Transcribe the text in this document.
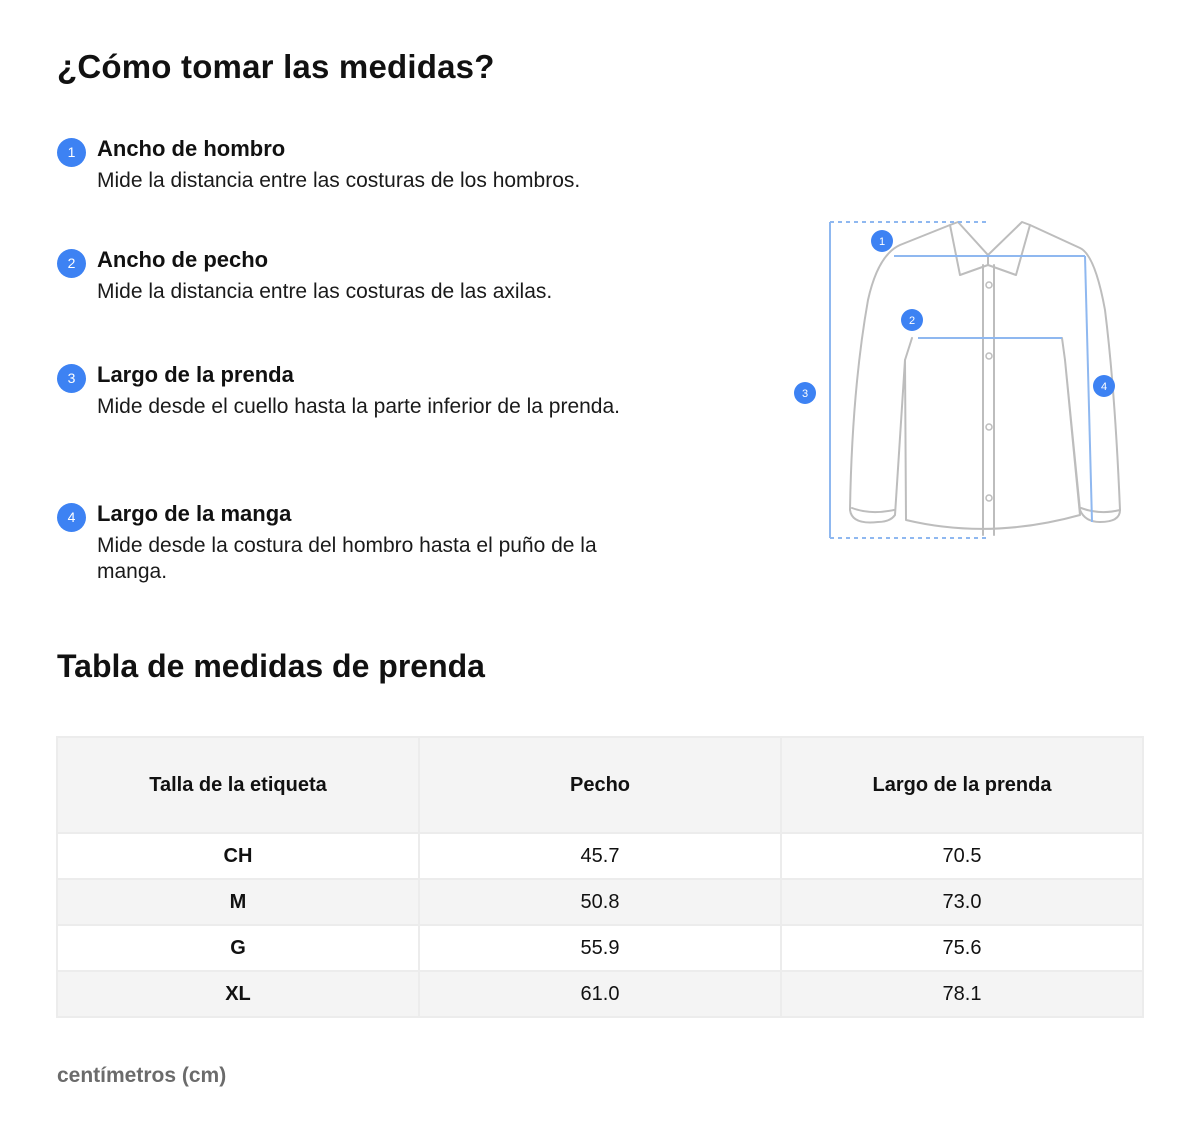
¿Cómo tomar las medidas?
1 Ancho de hombro
Mide la distancia entre las costuras de los hombros.
2 Ancho de pecho
Mide la distancia entre las costuras de las axilas.
3 Largo de la prenda
Mide desde el cuello hasta la parte inferior de la prenda.
4 Largo de la manga
Mide desde la costura del hombro hasta el puño de la manga.
1
2
3
4
Tabla de medidas de prenda
Talla de la etiqueta	Pecho	Largo de la prenda
CH	45.7	70.5
M	50.8	73.0
G	55.9	75.6
XL	61.0	78.1
centímetros (cm)
